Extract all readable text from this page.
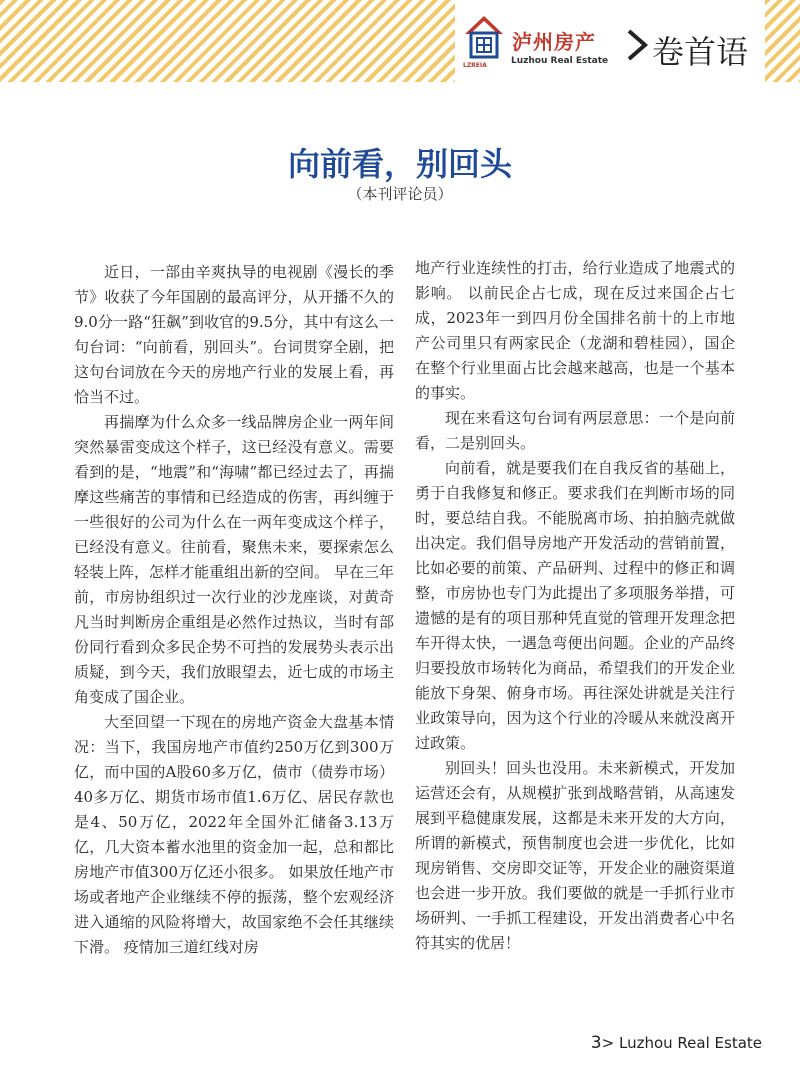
LZREIA
泸州房产
Luzhou Real Estate 卷首语
向前看，别回头
（本刊评论员）

近日，一部由辛爽执导的电视剧《漫长的季节》收获了今年国剧的最高评分，从开播不久的9.0分一路“狂飙”到收官的9.5分，其中有这么一句台词：“向前看，别回头”。台词贯穿全剧，把这句台词放在今天的房地产行业的发展上看，再恰当不过。

再揣摩为什么众多一线品牌房企业一两年间突然暴雷变成这个样子，这已经没有意义。需要看到的是，“地震”和“海啸”都已经过去了，再揣摩这些痛苦的事情和已经造成的伤害，再纠缠于一些很好的公司为什么在一两年变成这个样子，已经没有意义。往前看，聚焦未来，要探索怎么轻装上阵，怎样才能重组出新的空间。 早在三年前，市房协组织过一次行业的沙龙座谈，对黄奇凡当时判断房企重组是必然作过热议，当时有部份同行看到众多民企势不可挡的发展势头表示出质疑，到今天，我们放眼望去，近七成的市场主角变成了国企业。

大至回望一下现在的房地产资金大盘基本情况：当下，我国房地产市值约250万亿到300万亿，而中国的A股60多万亿，债市（债券市场）40多万亿、期货市场市值1.6万亿、居民存款也是4、50万亿，2022年全国外汇储备3.13万亿，几大资本蓄水池里的资金加一起，总和都比房地产市值300万亿还小很多。 如果放任地产市场或者地产企业继续不停的振荡，整个宏观经济进入通缩的风险将增大，故国家绝不会任其继续下滑。 疫情加三道红线对房

地产行业连续性的打击，给行业造成了地震式的影响。 以前民企占七成，现在反过来国企占七成，2023年一到四月份全国排名前十的上市地产公司里只有两家民企（龙湖和碧桂园），国企在整个行业里面占比会越来越高，也是一个基本的事实。

现在来看这句台词有两层意思：一个是向前看，二是别回头。

向前看，就是要我们在自我反省的基础上，勇于自我修复和修正。要求我们在判断市场的同时，要总结自我。不能脱离市场、拍拍脑壳就做出决定。我们倡导房地产开发活动的营销前置，比如必要的前策、产品研判、过程中的修正和调整，市房协也专门为此提出了多项服务举措，可遗憾的是有的项目那种凭直觉的管理开发理念把车开得太快，一遇急弯便出问题。企业的产品终归要投放市场转化为商品，希望我们的开发企业能放下身架、俯身市场。再往深处讲就是关注行业政策导向，因为这个行业的冷暖从来就没离开过政策。

别回头！回头也没用。未来新模式，开发加运营还会有，从规模扩张到战略营销，从高速发展到平稳健康发展，这都是未来开发的大方向，所谓的新模式，预售制度也会进一步优化，比如现房销售、交房即交证等，开发企业的融资渠道也会进一步开放。我们要做的就是一手抓行业市场研判、一手抓工程建设，开发出消费者心中名符其实的优居！

3> Luzhou Real Estate
